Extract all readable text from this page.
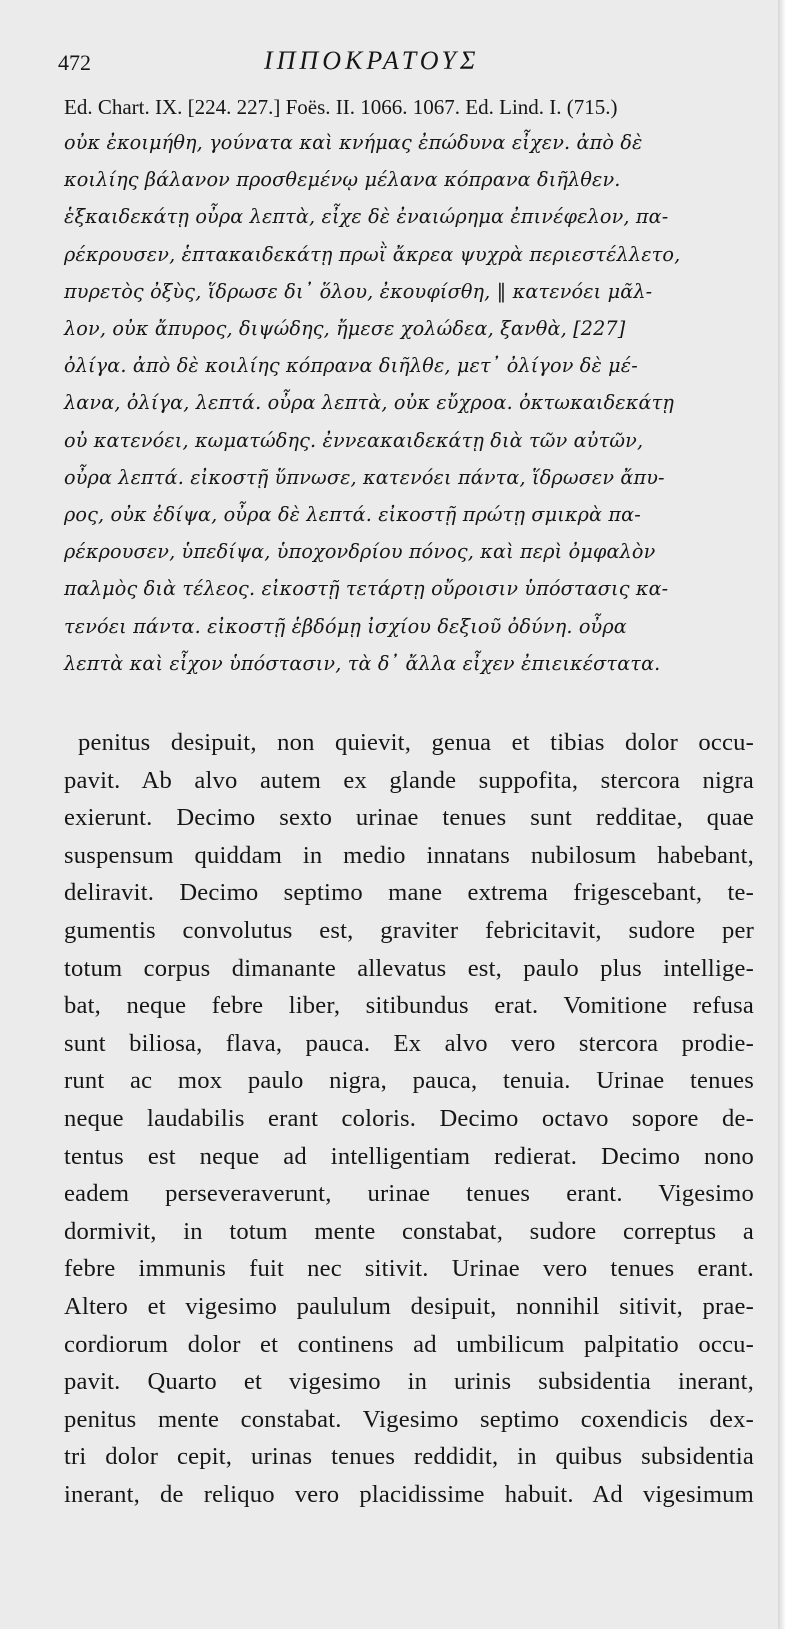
472	ΙΠΠΟΚΡΑΤΟΥΣ
Ed. Chart. IX. [224. 227.] Foës. II. 1066. 1067. Ed. Lind. I. (715.)
οὐκ ἐκοιμήθη, γούνατα καὶ κνήμας ἐπώδυνα εἶχεν. ἀπὸ δὲ
κοιλίης βάλανον προσθεμένῳ μέλανα κόπρανα διῆλθεν.
ἑξκαιδεκάτῃ οὖρα λεπτὰ, εἶχε δὲ ἐναιώρημα ἐπινέφελον, πα-
ρέκρουσεν, ἑπτακαιδεκάτῃ πρωῒ ἄκρεα ψυχρὰ περιεστέλλετο,
πυρετὸς ὀξὺς, ἵδρωσε δι᾽ ὅλου, ἐκουφίσθη, ‖ κατενόει μᾶλ-
λον, οὐκ ἄπυρος, διψώδης, ἤμεσε χολώδεα, ξανθὰ, [227]
ὀλίγα. ἀπὸ δὲ κοιλίης κόπρανα διῆλθε, μετ᾽ ὀλίγον δὲ μέ-
λανα, ὀλίγα, λεπτά. οὖρα λεπτὰ, οὐκ εὔχροα. ὀκτωκαιδεκάτῃ
οὐ κατενόει, κωματώδης. ἐννεακαιδεκάτῃ διὰ τῶν αὐτῶν,
οὖρα λεπτά. εἰκοστῇ ὕπνωσε, κατενόει πάντα, ἵδρωσεν ἄπυ-
ρος, οὐκ ἐδίψα, οὖρα δὲ λεπτά. εἰκοστῇ πρώτῃ σμικρὰ πα-
ρέκρουσεν, ὑπεδίψα, ὑποχονδρίου πόνος, καὶ περὶ ὀμφαλὸν
παλμὸς διὰ τέλεος. εἰκοστῇ τετάρτῃ οὔροισιν ὑπόστασις κα-
τενόει πάντα. εἰκοστῇ ἑβδόμῃ ἰσχίου δεξιοῦ ὀδύνη. οὖρα
λεπτὰ καὶ εἶχον ὑπόστασιν, τὰ δ᾽ ἄλλα εἶχεν ἐπιεικέστατα.
penitus desipuit, non quievit, genua et tibias dolor occu-
pavit. Ab alvo autem ex glande suppofita, stercora nigra
exierunt. Decimo sexto urinae tenues sunt redditae, quae
suspensum quiddam in medio innatans nubilosum habebant,
deliravit. Decimo septimo mane extrema frigescebant, te-
gumentis convolutus est, graviter febricitavit, sudore per
totum corpus dimanante allevatus est, paulo plus intellige-
bat, neque febre liber, sitibundus erat. Vomitione refusa
sunt biliosa, flava, pauca. Ex alvo vero stercora prodie-
runt ac mox paulo nigra, pauca, tenuia. Urinae tenues
neque laudabilis erant coloris. Decimo octavo sopore de-
tentus est neque ad intelligentiam redierat. Decimo nono
eadem perseveraverunt, urinae tenues erant. Vigesimo
dormivit, in totum mente constabat, sudore correptus a
febre immunis fuit nec sitivit. Urinae vero tenues erant.
Altero et vigesimo paululum desipuit, nonnihil sitivit, prae-
cordiorum dolor et continens ad umbilicum palpitatio occu-
pavit. Quarto et vigesimo in urinis subsidentia inerant,
penitus mente constabat. Vigesimo septimo coxendicis dex-
tri dolor cepit, urinas tenues reddidit, in quibus subsidentia
inerant, de reliquo vero placidissime habuit. Ad vigesimum
